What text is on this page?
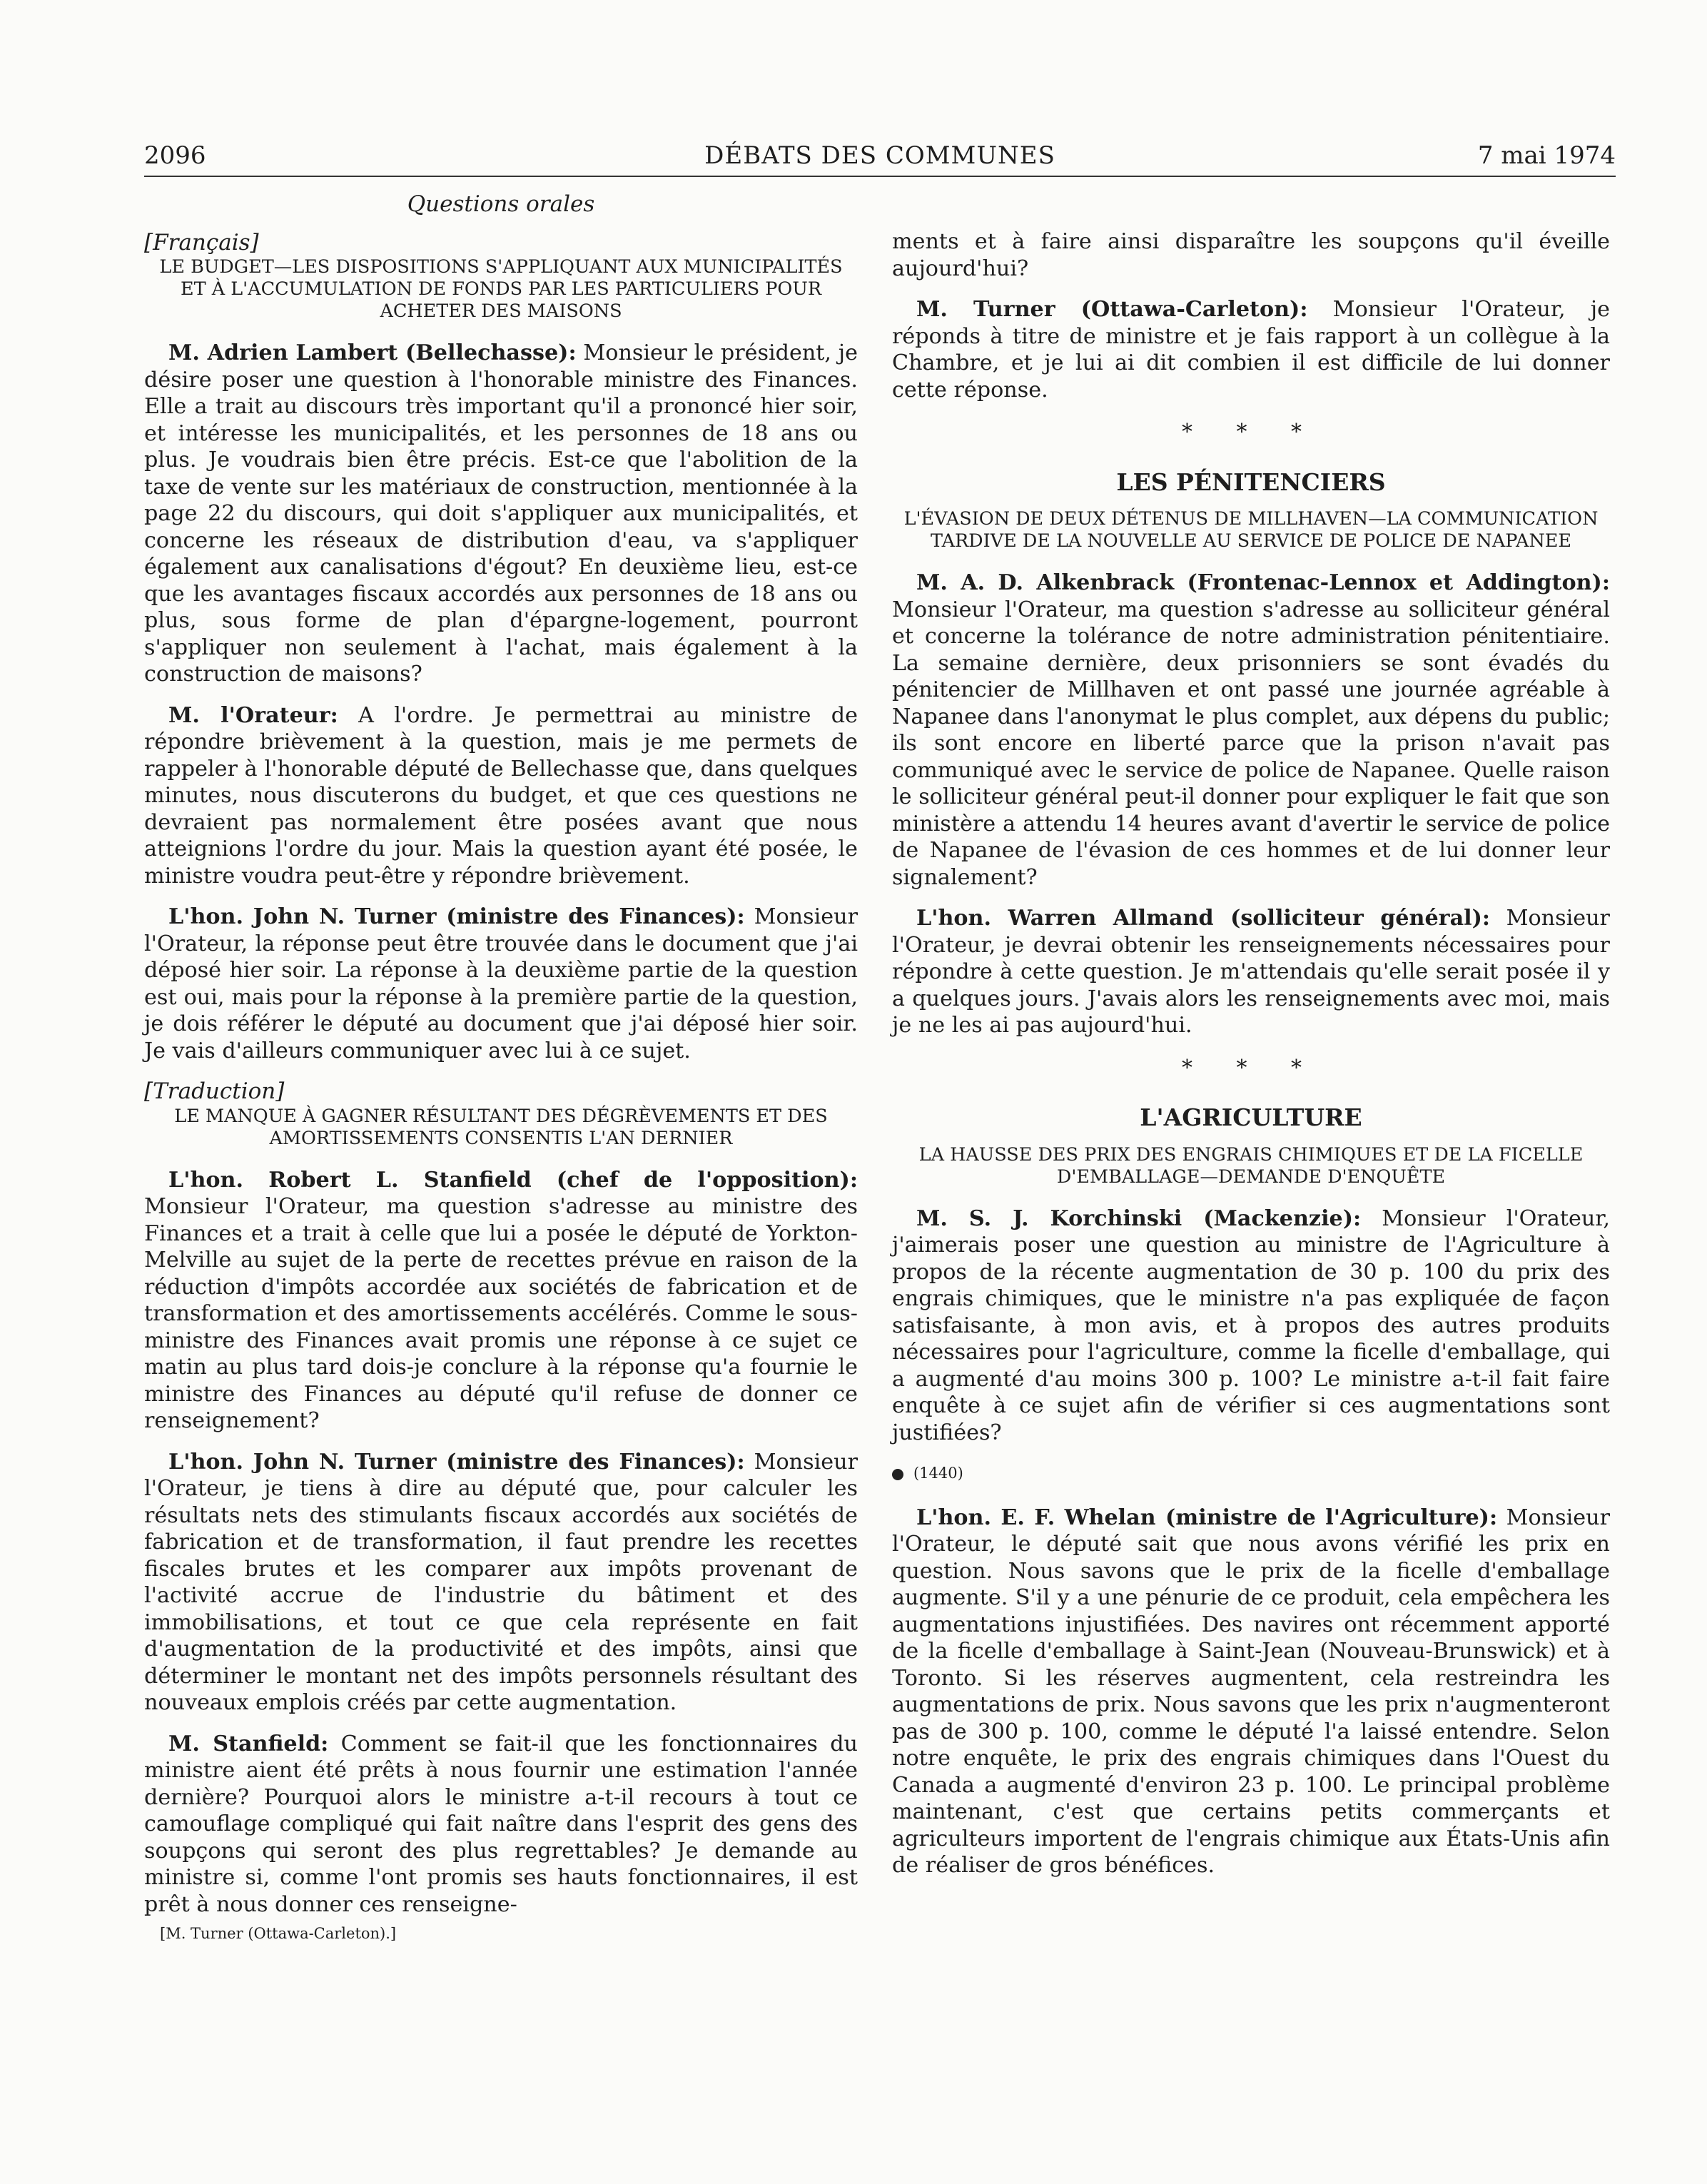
2096	DÉBATS DES COMMUNES	7 mai 1974
Questions orales
[Français]
LE BUDGET—LES DISPOSITIONS S'APPLIQUANT AUX MUNICIPALITÉS ET À L'ACCUMULATION DE FONDS PAR LES PARTICULIERS POUR ACHETER DES MAISONS

M. Adrien Lambert (Bellechasse): Monsieur le président, je désire poser une question à l'honorable ministre des Finances. Elle a trait au discours très important qu'il a prononcé hier soir, et intéresse les municipalités, et les personnes de 18 ans ou plus. Je voudrais bien être précis. Est-ce que l'abolition de la taxe de vente sur les matériaux de construction, mentionnée à la page 22 du discours, qui doit s'appliquer aux municipalités, et concerne les réseaux de distribution d'eau, va s'appliquer également aux canalisations d'égout? En deuxième lieu, est-ce que les avantages fiscaux accordés aux personnes de 18 ans ou plus, sous forme de plan d'épargne-logement, pourront s'appliquer non seulement à l'achat, mais également à la construction de maisons?

M. l'Orateur: A l'ordre. Je permettrai au ministre de répondre brièvement à la question, mais je me permets de rappeler à l'honorable député de Bellechasse que, dans quelques minutes, nous discuterons du budget, et que ces questions ne devraient pas normalement être posées avant que nous atteignions l'ordre du jour. Mais la question ayant été posée, le ministre voudra peut-être y répondre brièvement.

L'hon. John N. Turner (ministre des Finances): Monsieur l'Orateur, la réponse peut être trouvée dans le document que j'ai déposé hier soir. La réponse à la deuxième partie de la question est oui, mais pour la réponse à la première partie de la question, je dois référer le député au document que j'ai déposé hier soir. Je vais d'ailleurs communiquer avec lui à ce sujet.

[Traduction]
LE MANQUE À GAGNER RÉSULTANT DES DÉGRÈVEMENTS ET DES AMORTISSEMENTS CONSENTIS L'AN DERNIER

L'hon. Robert L. Stanfield (chef de l'opposition): Monsieur l'Orateur, ma question s'adresse au ministre des Finances et a trait à celle que lui a posée le député de Yorkton-Melville au sujet de la perte de recettes prévue en raison de la réduction d'impôts accordée aux sociétés de fabrication et de transformation et des amortissements accélérés. Comme le sous-ministre des Finances avait promis une réponse à ce sujet ce matin au plus tard dois-je conclure à la réponse qu'a fournie le ministre des Finances au député qu'il refuse de donner ce renseignement?

L'hon. John N. Turner (ministre des Finances): Monsieur l'Orateur, je tiens à dire au député que, pour calculer les résultats nets des stimulants fiscaux accordés aux sociétés de fabrication et de transformation, il faut prendre les recettes fiscales brutes et les comparer aux impôts provenant de l'activité accrue de l'industrie du bâtiment et des immobilisations, et tout ce que cela représente en fait d'augmentation de la productivité et des impôts, ainsi que déterminer le montant net des impôts personnels résultant des nouveaux emplois créés par cette augmentation.

M. Stanfield: Comment se fait-il que les fonctionnaires du ministre aient été prêts à nous fournir une estimation l'année dernière? Pourquoi alors le ministre a-t-il recours à tout ce camouflage compliqué qui fait naître dans l'esprit des gens des soupçons qui seront des plus regrettables? Je demande au ministre si, comme l'ont promis ses hauts fonctionnaires, il est prêt à nous donner ces renseigne-

[M. Turner (Ottawa-Carleton).]

ments et à faire ainsi disparaître les soupçons qu'il éveille aujourd'hui?

M. Turner (Ottawa-Carleton): Monsieur l'Orateur, je réponds à titre de ministre et je fais rapport à un collègue à la Chambre, et je lui ai dit combien il est difficile de lui donner cette réponse.

* * *
LES PÉNITENCIERS
L'ÉVASION DE DEUX DÉTENUS DE MILLHAVEN—LA COMMUNICATION TARDIVE DE LA NOUVELLE AU SERVICE DE POLICE DE NAPANEE

M. A. D. Alkenbrack (Frontenac-Lennox et Addington): Monsieur l'Orateur, ma question s'adresse au solliciteur général et concerne la tolérance de notre administration pénitentiaire. La semaine dernière, deux prisonniers se sont évadés du pénitencier de Millhaven et ont passé une journée agréable à Napanee dans l'anonymat le plus complet, aux dépens du public; ils sont encore en liberté parce que la prison n'avait pas communiqué avec le service de police de Napanee. Quelle raison le solliciteur général peut-il donner pour expliquer le fait que son ministère a attendu 14 heures avant d'avertir le service de police de Napanee de l'évasion de ces hommes et de lui donner leur signalement?

L'hon. Warren Allmand (solliciteur général): Monsieur l'Orateur, je devrai obtenir les renseignements nécessaires pour répondre à cette question. Je m'attendais qu'elle serait posée il y a quelques jours. J'avais alors les renseignements avec moi, mais je ne les ai pas aujourd'hui.

* * *
L'AGRICULTURE
LA HAUSSE DES PRIX DES ENGRAIS CHIMIQUES ET DE LA FICELLE D'EMBALLAGE—DEMANDE D'ENQUÊTE

M. S. J. Korchinski (Mackenzie): Monsieur l'Orateur, j'aimerais poser une question au ministre de l'Agriculture à propos de la récente augmentation de 30 p. 100 du prix des engrais chimiques, que le ministre n'a pas expliquée de façon satisfaisante, à mon avis, et à propos des autres produits nécessaires pour l'agriculture, comme la ficelle d'emballage, qui a augmenté d'au moins 300 p. 100? Le ministre a-t-il fait faire enquête à ce sujet afin de vérifier si ces augmentations sont justifiées?

(1440)

L'hon. E. F. Whelan (ministre de l'Agriculture): Monsieur l'Orateur, le député sait que nous avons vérifié les prix en question. Nous savons que le prix de la ficelle d'emballage augmente. S'il y a une pénurie de ce produit, cela empêchera les augmentations injustifiées. Des navires ont récemment apporté de la ficelle d'emballage à Saint-Jean (Nouveau-Brunswick) et à Toronto. Si les réserves augmentent, cela restreindra les augmentations de prix. Nous savons que les prix n'augmenteront pas de 300 p. 100, comme le député l'a laissé entendre. Selon notre enquête, le prix des engrais chimiques dans l'Ouest du Canada a augmenté d'environ 23 p. 100. Le principal problème maintenant, c'est que certains petits commerçants et agriculteurs importent de l'engrais chimique aux États-Unis afin de réaliser de gros bénéfices.
